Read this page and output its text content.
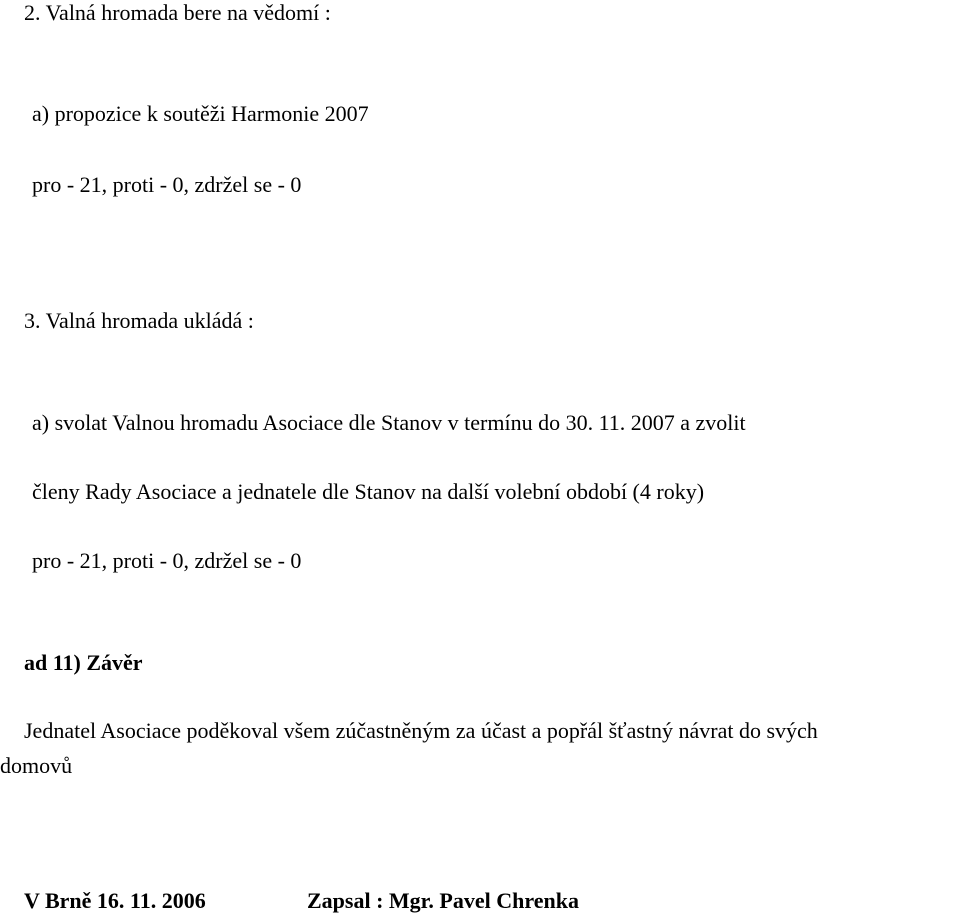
2. Valná hromada bere na vědomí :

a) propozice k soutěži Harmonie 2007

pro - 21, proti - 0, zdržel se - 0

3. Valná hromada ukládá :

a) svolat Valnou hromadu Asociace dle Stanov v termínu do 30. 11. 2007 a zvolit

členy Rady Asociace a jednatele dle Stanov na další volební období (4 roky)

pro - 21, proti - 0, zdržel se - 0

ad 11) Závěr

Jednatel Asociace poděkoval všem zúčastněným za účast a popřál šťastný návrat do svých

domovů

V Brně 16. 11. 2006	Zapsal : Mgr. Pavel Chrenka
